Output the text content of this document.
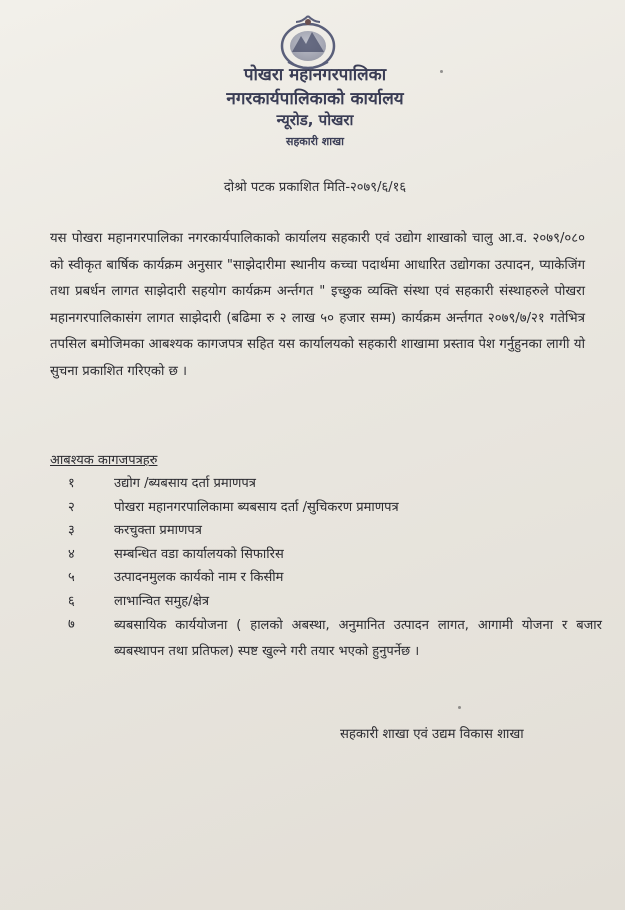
पोखरा महानगरपालिका
नगरकार्यपालिकाको कार्यालय
न्यूरोड, पोखरा
सहकारी शाखा
दोश्रो पटक प्रकाशित मिति-२०७९/६/१६
यस पोखरा महानगरपालिका नगरकार्यपालिकाको कार्यालय सहकारी एवं उद्योग शाखाको चालु आ.व. २०७९/०८० को स्वीकृत बार्षिक कार्यक्रम अनुसार "साझेदारीमा स्थानीय कच्चा पदार्थमा आधारित उद्योगका उत्पादन, प्याकेजिंग तथा प्रबर्धन लागत साझेदारी सहयोग कार्यक्रम अर्न्तगत " इच्छुक व्यक्ति संस्था एवं सहकारी संस्थाहरुले पोखरा महानगरपालिकासंग लागत साझेदारी (बढिमा रु २ लाख ५० हजार सम्म) कार्यक्रम अर्न्तगत २०७९/७/२१ गतेभित्र तपसिल बमोजिमका आबश्यक कागजपत्र सहित यस कार्यालयको सहकारी शाखामा प्रस्ताव पेश गर्नुहुनका लागी यो सुचना प्रकाशित गरिएको छ ।
आबश्यक कागजपत्रहरु
१	उद्योग /ब्यबसाय दर्ता प्रमाणपत्र
२	पोखरा महानगरपालिकामा ब्यबसाय दर्ता /सुचिकरण प्रमाणपत्र
३	करचुक्ता प्रमाणपत्र
४	सम्बन्धित वडा कार्यालयको सिफारिस
५	उत्पादनमुलक कार्यको नाम र किसीम
६	लाभान्वित समुह/क्षेत्र
७	ब्यबसायिक कार्ययोजना ( हालको अबस्था, अनुमानित उत्पादन लागत, आगामी योजना र बजार ब्यबस्थापन तथा प्रतिफल) स्पष्ट खुल्ने गरी तयार भएको हुनुपर्नेछ ।
सहकारी शाखा एवं उद्यम विकास शाखा
